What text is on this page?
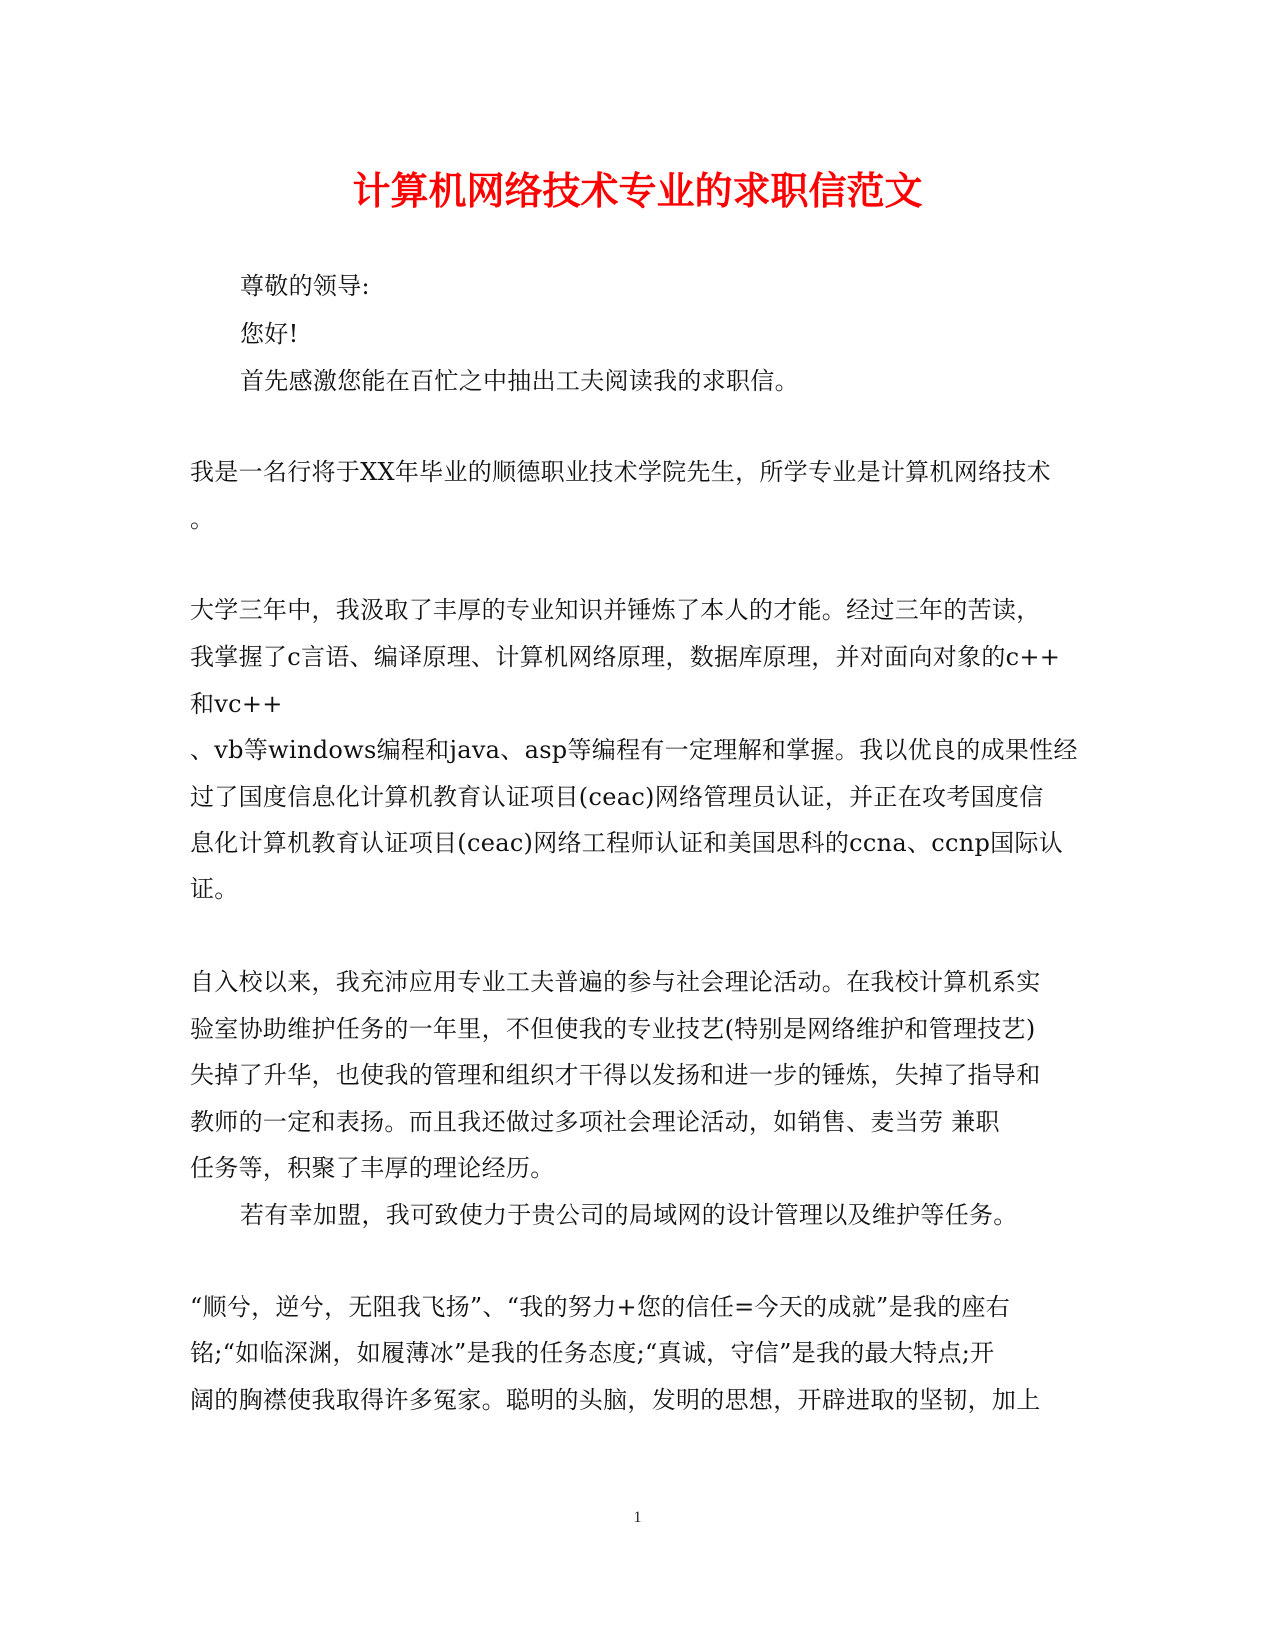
计算机网络技术专业的求职信范文

尊敬的领导:

您好!

首先感激您能在百忙之中抽出工夫阅读我的求职信。

我是一名行将于XX年毕业的顺德职业技术学院先生，所学专业是计算机网络技术

。

大学三年中，我汲取了丰厚的专业知识并锤炼了本人的才能。经过三年的苦读，

我掌握了c言语、编译原理、计算机网络原理，数据库原理，并对面向对象的c++

和vc++

、vb等windows编程和java、asp等编程有一定理解和掌握。我以优良的成果性经

过了国度信息化计算机教育认证项目(ceac)网络管理员认证，并正在攻考国度信

息化计算机教育认证项目(ceac)网络工程师认证和美国思科的ccna、ccnp国际认

证。

自入校以来，我充沛应用专业工夫普遍的参与社会理论活动。在我校计算机系实

验室协助维护任务的一年里，不但使我的专业技艺(特别是网络维护和管理技艺)

失掉了升华，也使我的管理和组织才干得以发扬和进一步的锤炼，失掉了指导和

教师的一定和表扬。而且我还做过多项社会理论活动，如销售、麦当劳 兼职

任务等，积聚了丰厚的理论经历。

若有幸加盟，我可致使力于贵公司的局域网的设计管理以及维护等任务。

“顺兮，逆兮，无阻我飞扬”、“我的努力+您的信任=今天的成就”是我的座右

铭;“如临深渊，如履薄冰”是我的任务态度;“真诚，守信”是我的最大特点;开

阔的胸襟使我取得许多冤家。聪明的头脑，发明的思想，开辟进取的坚韧，加上

1
